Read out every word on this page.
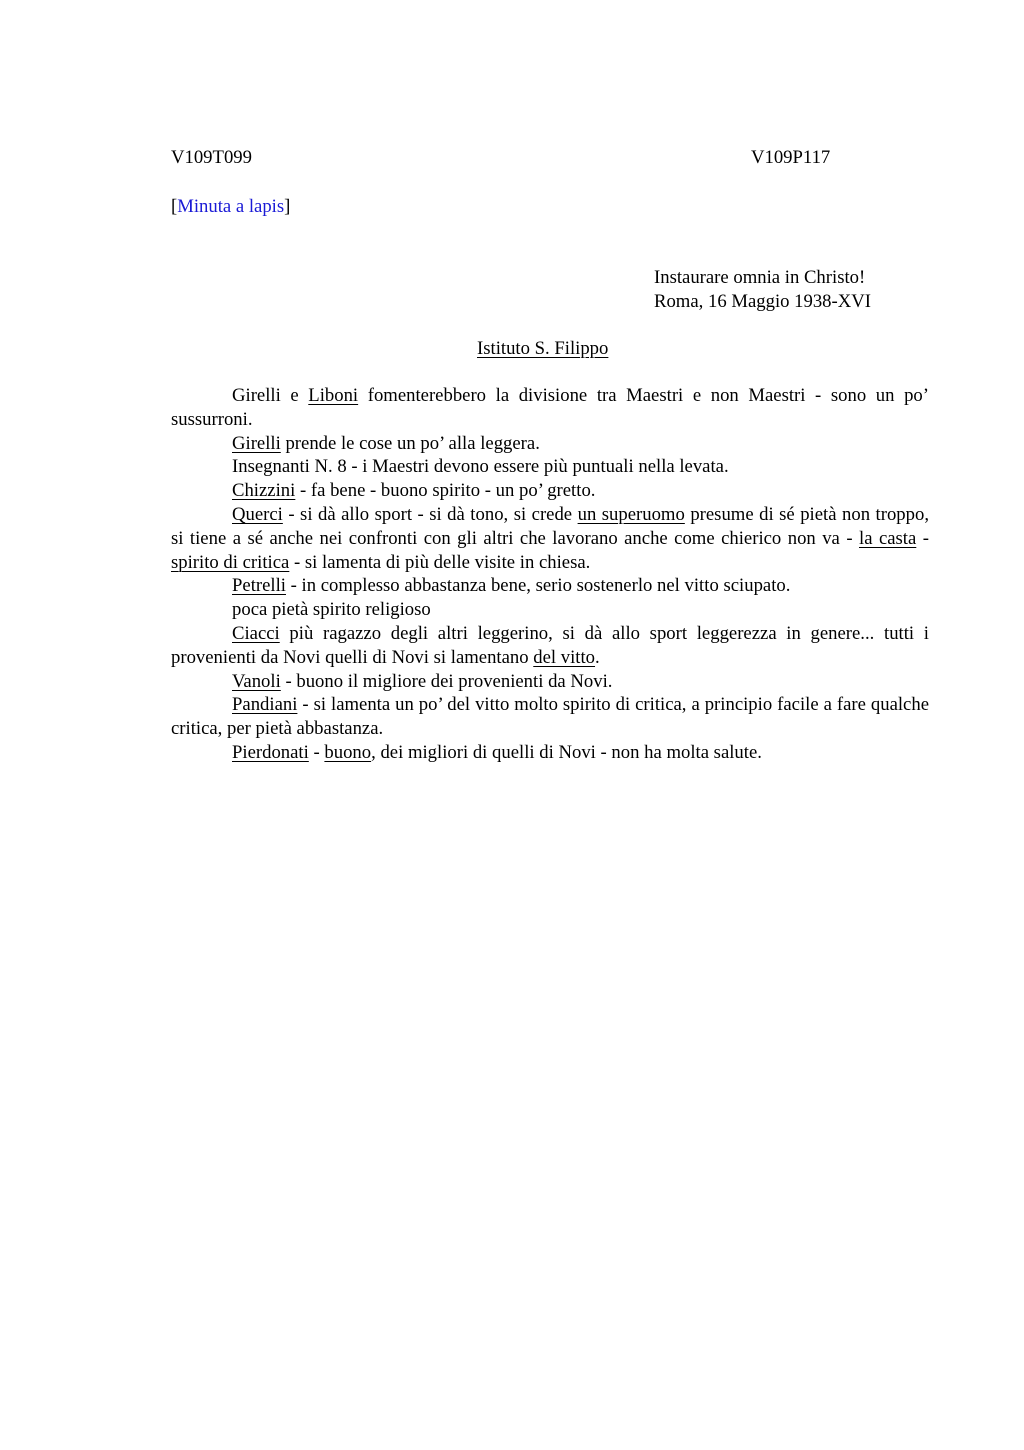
V109T099	V109P117
[Minuta a lapis]
Instaurare omnia in Christo!
Roma, 16 Maggio 1938-XVI
Istituto S. Filippo

Girelli e Liboni fomenterebbero la divisione tra Maestri e non Maestri - sono un po’ sussurroni.

Girelli prende le cose un po’ alla leggera.

Insegnanti N. 8 - i Maestri devono essere più puntuali nella levata.

Chizzini - fa bene - buono spirito - un po’ gretto.

Querci - si dà allo sport - si dà tono, si crede un superuomo presume di sé pietà non troppo, si tiene a sé anche nei confronti con gli altri che lavorano anche come chierico non va - la casta - spirito di critica - si lamenta di più delle visite in chiesa.

Petrelli - in complesso abbastanza bene, serio sostenerlo nel vitto sciupato.

poca pietà spirito religioso

Ciacci più ragazzo degli altri leggerino, si dà allo sport leggerezza in genere... tutti i provenienti da Novi quelli di Novi si lamentano del vitto.

Vanoli - buono il migliore dei provenienti da Novi.

Pandiani - si lamenta un po’ del vitto molto spirito di critica, a principio facile a fare qualche critica, per pietà abbastanza.

Pierdonati - buono, dei migliori di quelli di Novi - non ha molta salute.
